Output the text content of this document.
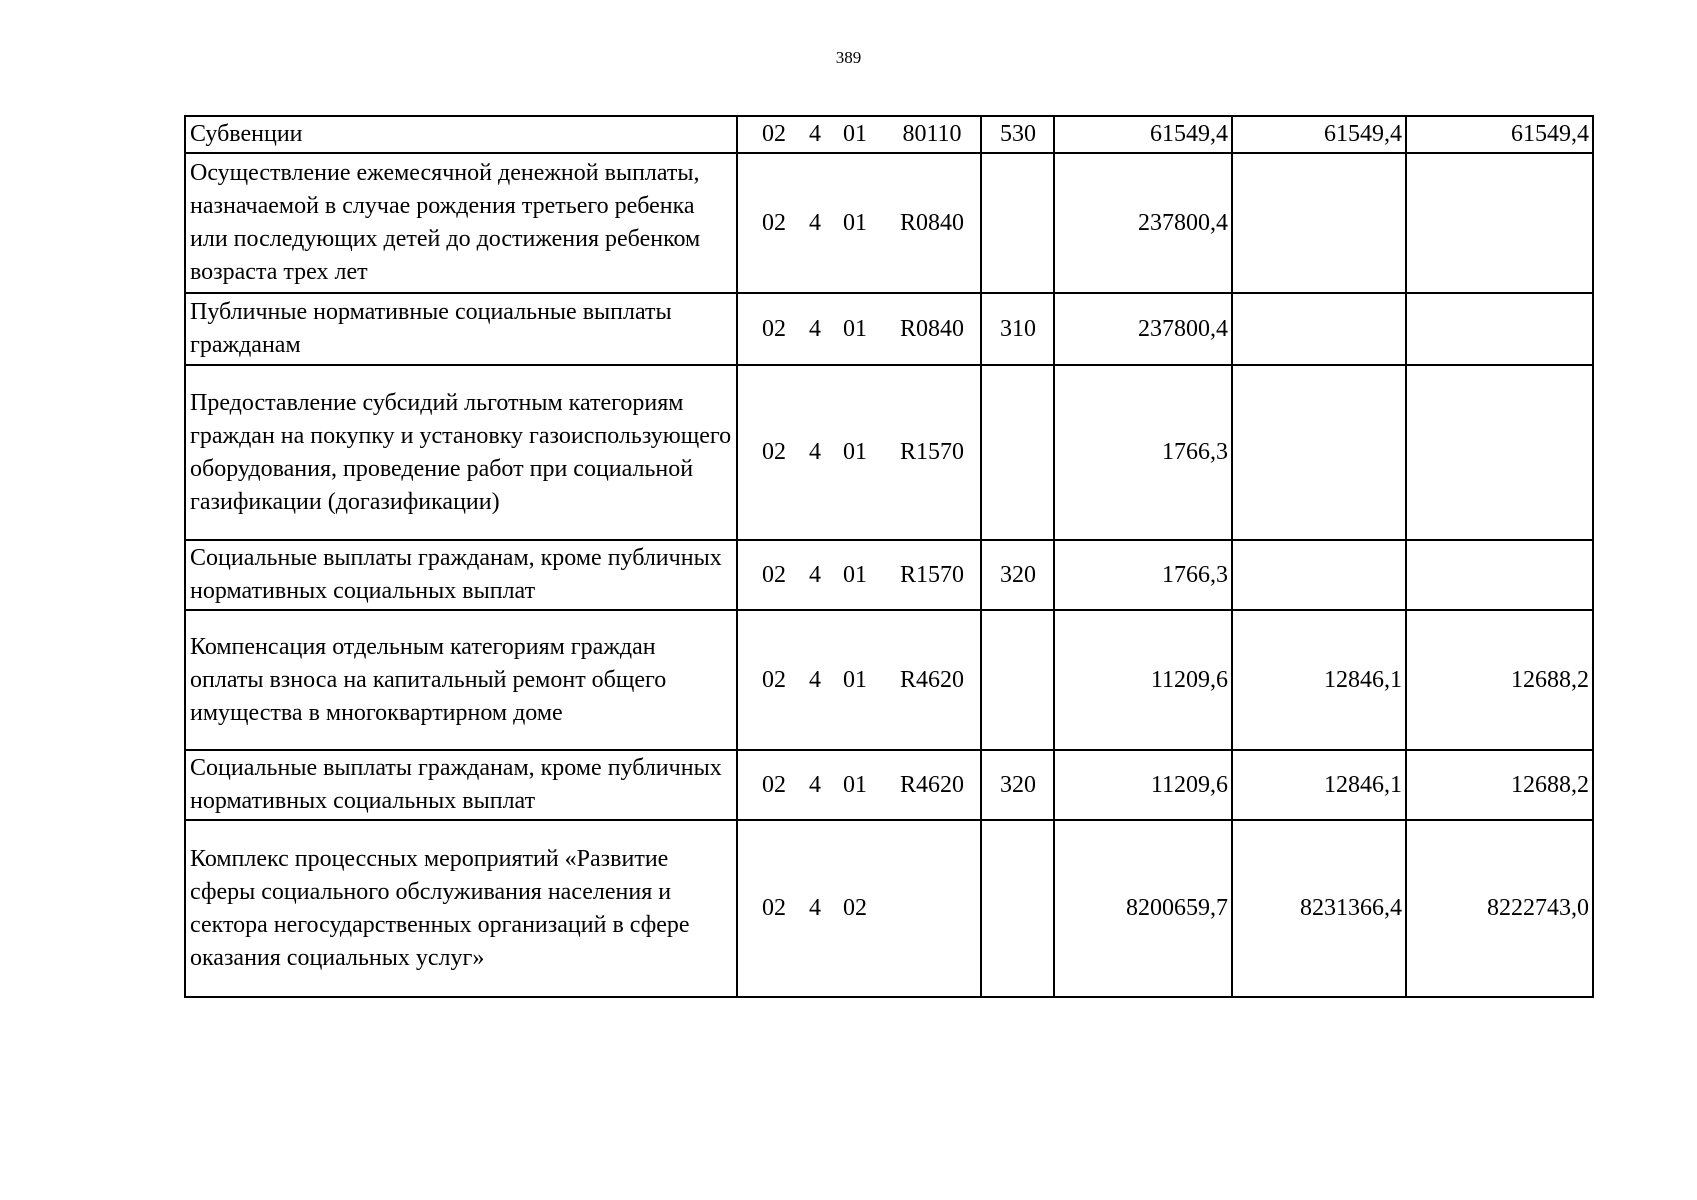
389
Субвенции	02 4 01 80110	530	61549,4	61549,4	61549,4
Осуществление ежемесячной денежной выплаты, назначаемой в случае рождения третьего ребенка или последующих детей до достижения ребенком возраста трех лет	02 4 01 R0840		237800,4		
Публичные нормативные социальные выплаты гражданам	02 4 01 R0840	310	237800,4		
Предоставление субсидий льготным категориям граждан на покупку и установку газоиспользующего оборудования, проведение работ при социальной газификации (догазификации)	02 4 01 R1570		1766,3		
Социальные выплаты гражданам, кроме публичных нормативных социальных выплат	02 4 01 R1570	320	1766,3		
Компенсация отдельным категориям граждан оплаты взноса на капитальный ремонт общего имущества в многоквартирном доме	02 4 01 R4620		11209,6	12846,1	12688,2
Социальные выплаты гражданам, кроме публичных нормативных социальных выплат	02 4 01 R4620	320	11209,6	12846,1	12688,2
Комплекс процессных мероприятий «Развитие сферы социального обслуживания населения и сектора негосударственных организаций в сфере оказания социальных услуг»	02 4 02		8200659,7	8231366,4	8222743,0
